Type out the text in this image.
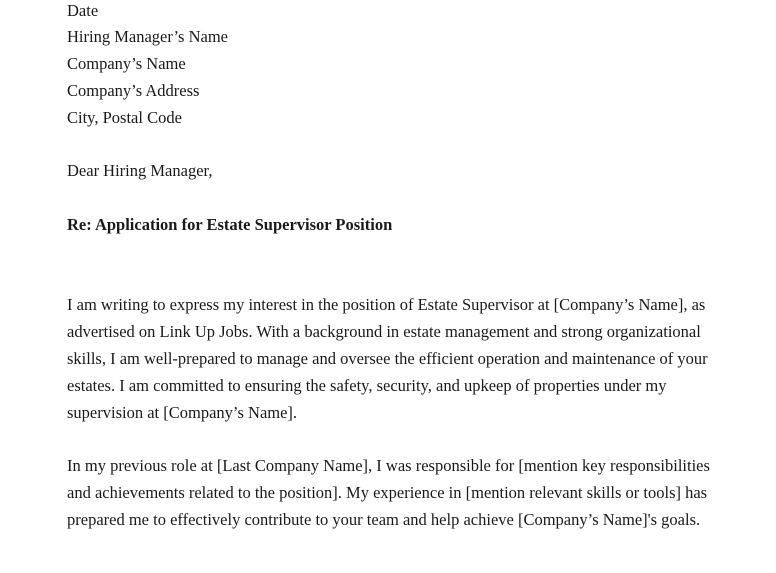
Date
Hiring Manager’s Name
Company’s Name
Company’s Address
City, Postal Code
Dear Hiring Manager,
Re: Application for Estate Supervisor Position
I am writing to express my interest in the position of Estate Supervisor at [Company’s Name], as advertised on Link Up Jobs. With a background in estate management and strong organizational skills, I am well-prepared to manage and oversee the efficient operation and maintenance of your estates. I am committed to ensuring the safety, security, and upkeep of properties under my supervision at [Company’s Name].
In my previous role at [Last Company Name], I was responsible for [mention key responsibilities and achievements related to the position]. My experience in [mention relevant skills or tools] has prepared me to effectively contribute to your team and help achieve [Company’s Name]'s goals.
